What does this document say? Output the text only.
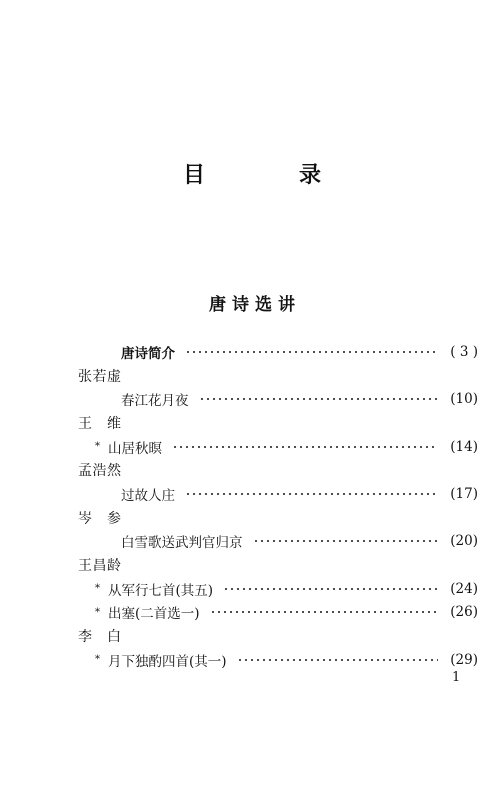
目　录
唐诗选讲
唐诗简介	( 3 )
张若虚
春江花月夜	(10)
王　维
* 山居秋暝	(14)
孟浩然
过故人庄	(17)
岑　参
白雪歌送武判官归京	(20)
王昌龄
* 从军行七首(其五)	(24)
* 出塞(二首选一)	(26)
李　白
* 月下独酌四首(其一)	(29)
1
